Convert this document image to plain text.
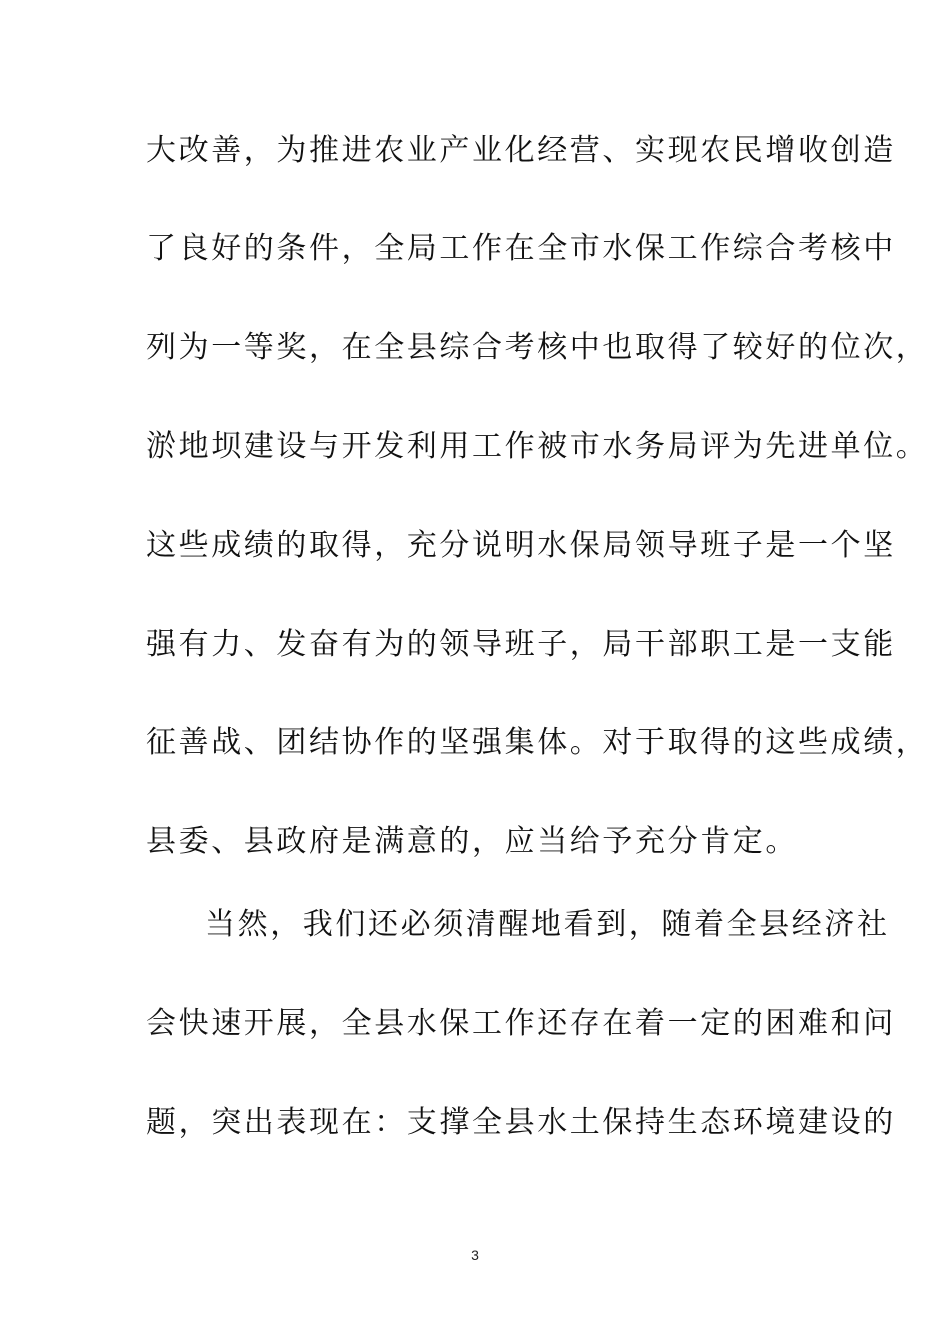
大改善，为推进农业产业化经营、实现农民增收创造
了良好的条件，全局工作在全市水保工作综合考核中
列为一等奖，在全县综合考核中也取得了较好的位次，
淤地坝建设与开发利用工作被市水务局评为先进单位。
这些成绩的取得，充分说明水保局领导班子是一个坚
强有力、发奋有为的领导班子，局干部职工是一支能
征善战、团结协作的坚强集体。对于取得的这些成绩，
县委、县政府是满意的，应当给予充分肯定。
当然，我们还必须清醒地看到，随着全县经济社
会快速开展，全县水保工作还存在着一定的困难和问
题，突出表现在：支撑全县水土保持生态环境建设的
3
